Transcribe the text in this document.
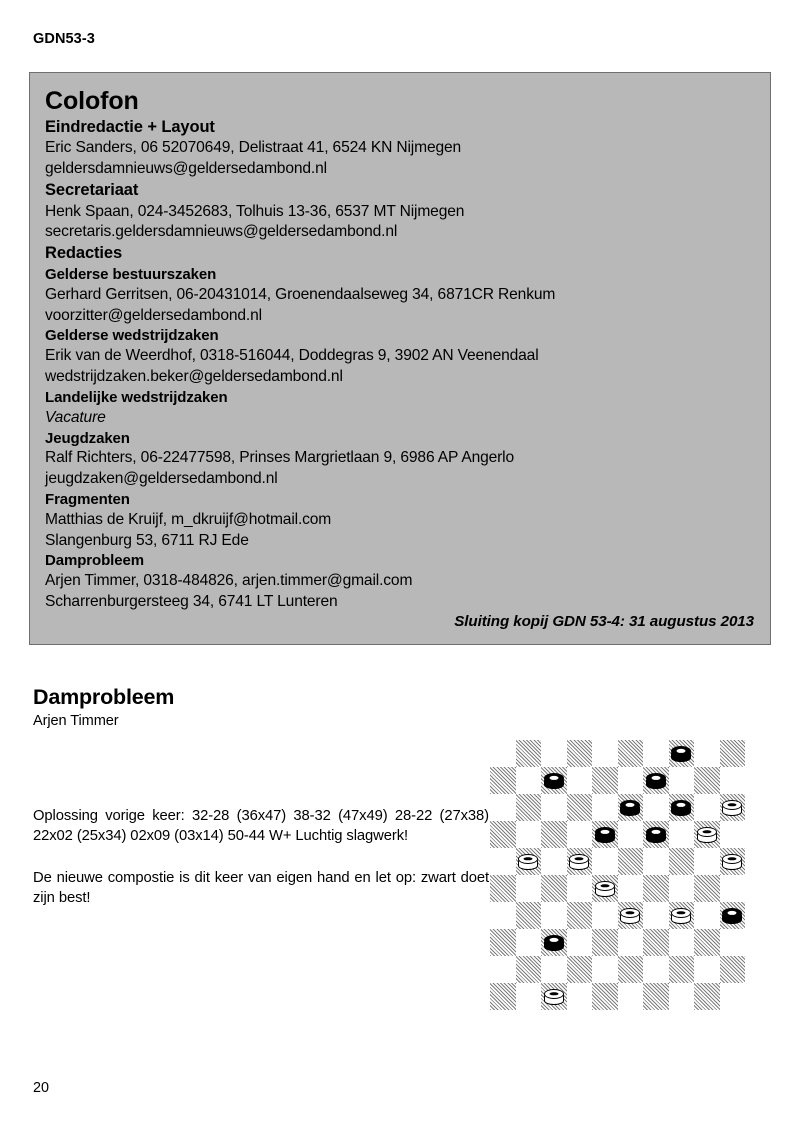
GDN53-3
Colofon
Eindredactie + Layout
Eric Sanders, 06 52070649, Delistraat 41, 6524 KN Nijmegen
geldersdamnieuws@geldersedambond.nl
Secretariaat
Henk Spaan, 024-3452683, Tolhuis 13-36, 6537 MT Nijmegen
secretaris.geldersdamnieuws@geldersedambond.nl
Redacties
Gelderse bestuurszaken
Gerhard Gerritsen, 06-20431014, Groenendaalseweg 34, 6871CR Renkum
voorzitter@geldersedambond.nl
Gelderse wedstrijdzaken
Erik van de Weerdhof, 0318-516044, Doddegras 9, 3902 AN Veenendaal
wedstrijdzaken.beker@geldersedambond.nl
Landelijke wedstrijdzaken
Vacature
Jeugdzaken
Ralf Richters, 06-22477598, Prinses Margrietlaan 9, 6986 AP Angerlo
jeugdzaken@geldersedambond.nl
Fragmenten
Matthias de Kruijf, m_dkruijf@hotmail.com
Slangenburg 53, 6711 RJ Ede
Damprobleem
Arjen Timmer, 0318-484826, arjen.timmer@gmail.com
Scharrenburgersteeg 34, 6741 LT Lunteren
Sluiting kopij GDN 53-4: 31 augustus 2013
Damprobleem
Arjen Timmer

Oplossing vorige keer: 32-28 (36x47) 38-32 (47x49) 28-22 (27x38) 22x02 (25x34) 02x09 (03x14) 50-44 W+ Luchtig slagwerk!

De nieuwe compostie is dit keer van eigen hand en let op: zwart doet zijn best!

20
